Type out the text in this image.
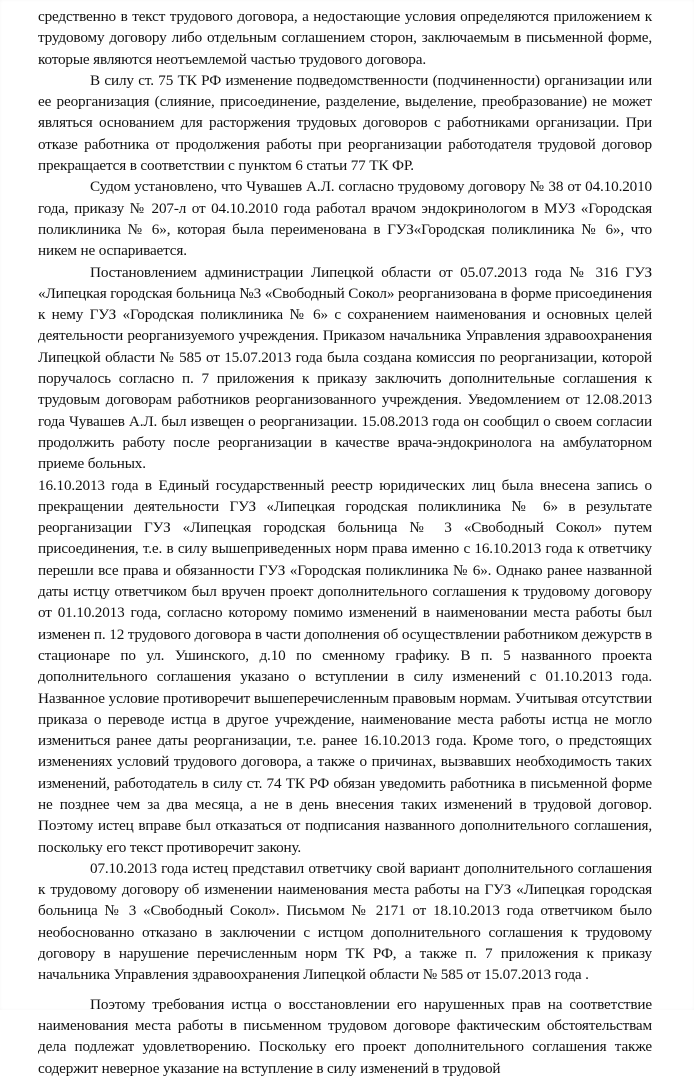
средственно в текст трудового договора, а недостающие условия определяются приложением к трудовому договору либо отдельным соглашением сторон, заключаемым в письменной форме, которые являются неотъемлемой частью трудового договора.

В силу ст. 75 ТК РФ изменение подведомственности (подчиненности) организации или ее реорганизация (слияние, присоединение, разделение, выделение, преобразование) не может являться основанием для расторжения трудовых договоров с работниками организации. При отказе работника от продолжения работы при реорганизации работодателя трудовой договор прекращается в соответствии с пунктом 6 статьи 77 ТК ФР.

Судом установлено, что Чувашев А.Л. согласно трудовому договору № 38 от 04.10.2010 года, приказу № 207-л от 04.10.2010 года работал врачом эндокринологом в МУЗ «Городская поликлиника № 6», которая была переименована в ГУЗ«Городская поликлиника № 6», что никем не оспаривается.

Постановлением администрации Липецкой области от 05.07.2013 года № 316 ГУЗ «Липецкая городская больница №3 «Свободный Сокол» реорганизована в форме присоединения к нему ГУЗ «Городская поликлиника № 6» с сохранением наименования и основных целей деятельности реорганизуемого учреждения. Приказом начальника Управления здравоохранения Липецкой области № 585 от 15.07.2013 года была создана комиссия по реорганизации, которой поручалось согласно п. 7 приложения к приказу заключить дополнительные соглашения к трудовым договорам работников реорганизованного учреждения. Уведомлением от 12.08.2013 года Чувашев А.Л. был извещен о реорганизации. 15.08.2013 года он сообщил о своем согласии продолжить работу после реорганизации в качестве врача-эндокринолога на амбулаторном приеме больных.

16.10.2013 года в Единый государственный реестр юридических лиц была внесена запись о прекращении деятельности ГУЗ «Липецкая городская поликлиника № 6» в результате реорганизации ГУЗ «Липецкая городская больница № 3 «Свободный Сокол» путем присоединения, т.е. в силу вышеприведенных норм права именно с 16.10.2013 года к ответчику перешли все права и обязанности ГУЗ «Городская поликлиника № 6». Однако ранее названной даты истцу ответчиком был вручен проект дополнительного соглашения к трудовому договору от 01.10.2013 года, согласно которому помимо изменений в наименовании места работы был изменен п. 12 трудового договора в части дополнения об осуществлении работником дежурств в стационаре по ул. Ушинского, д.10 по сменному графику. В п. 5 названного проекта дополнительного соглашения указано о вступлении в силу изменений с 01.10.2013 года. Названное условие противоречит вышеперечисленным правовым нормам. Учитывая отсутствии приказа о переводе истца в другое учреждение, наименование места работы истца не могло измениться ранее даты реорганизации, т.е. ранее 16.10.2013 года. Кроме того, о предстоящих изменениях условий трудового договора, а также о причинах, вызвавших необходимость таких изменений, работодатель в силу ст. 74 ТК РФ обязан уведомить работника в письменной форме не позднее чем за два месяца, а не в день внесения таких изменений в трудовой договор. Поэтому истец вправе был отказаться от подписания названного дополнительного соглашения, поскольку его текст противоречит закону.

07.10.2013 года истец представил ответчику свой вариант дополнительного соглашения к трудовому договору об изменении наименования места работы на ГУЗ «Липецкая городская больница № 3 «Свободный Сокол». Письмом № 2171 от 18.10.2013 года ответчиком было необоснованно отказано в заключении с истцом дополнительного соглашения к трудовому договору в нарушение перечисленным норм ТК РФ, а также п. 7 приложения к приказу начальника Управления здравоохранения Липецкой области № 585 от 15.07.2013 года .

Поэтому требования истца о восстановлении его нарушенных прав на соответствие наименования места работы в письменном трудовом договоре фактическим обстоятельствам дела подлежат удовлетворению. Поскольку его проект дополнительного соглашения также содержит неверное указание на вступление в силу изменений в трудовой
